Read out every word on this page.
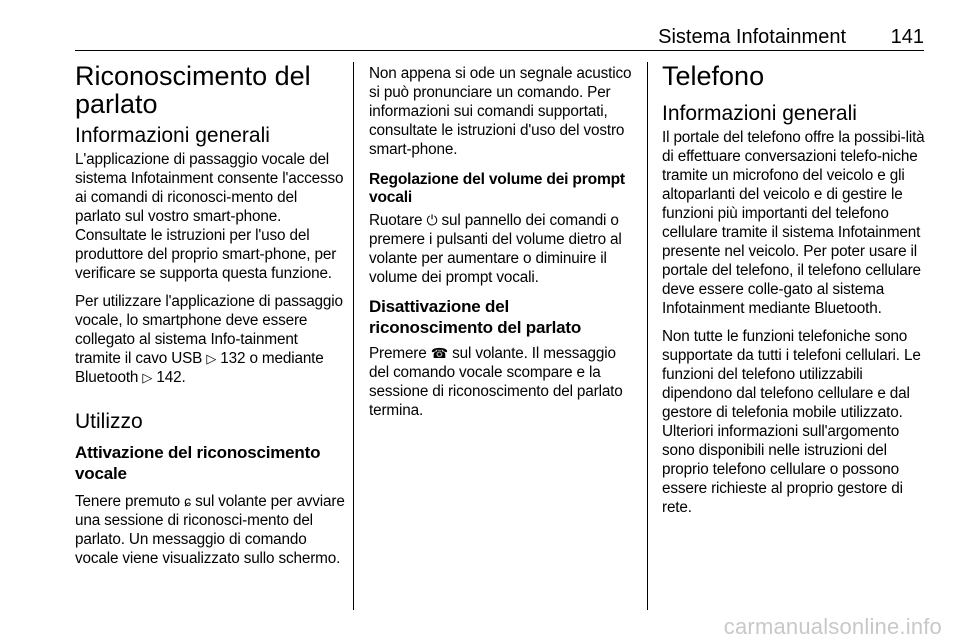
Sistema Infotainment 141
Riconoscimento del parlato
Informazioni generali

L'applicazione di passaggio vocale del sistema Infotainment consente l'accesso ai comandi di riconosci-mento del parlato sul vostro smart-phone. Consultate le istruzioni per l'uso del produttore del proprio smart-phone, per verificare se supporta questa funzione.

Per utilizzare l'applicazione di passaggio vocale, lo smartphone deve essere collegato al sistema Info-tainment tramite il cavo USB ▷ 132 o mediante Bluetooth ▷ 142.

Utilizzo
Attivazione del riconoscimento vocale

Tenere premuto ɕ sul volante per avviare una sessione di riconosci-mento del parlato. Un messaggio di comando vocale viene visualizzato sullo schermo.

Non appena si ode un segnale acustico si può pronunciare un comando. Per informazioni sui comandi supportati, consultate le istruzioni d'uso del vostro smart-phone.

Regolazione del volume dei prompt vocali

Ruotare ⏻ sul pannello dei comandi o premere i pulsanti del volume dietro al volante per aumentare o diminuire il volume dei prompt vocali.

Disattivazione del riconoscimento del parlato

Premere ☎ sul volante. Il messaggio del comando vocale scompare e la sessione di riconoscimento del parlato termina.

Telefono
Informazioni generali

Il portale del telefono offre la possibi-lità di effettuare conversazioni telefo-niche tramite un microfono del veicolo e gli altoparlanti del veicolo e di gestire le funzioni più importanti del telefono cellulare tramite il sistema Infotainment presente nel veicolo. Per poter usare il portale del telefono, il telefono cellulare deve essere colle-gato al sistema Infotainment mediante Bluetooth.

Non tutte le funzioni telefoniche sono supportate da tutti i telefoni cellulari. Le funzioni del telefono utilizzabili dipendono dal telefono cellulare e dal gestore di telefonia mobile utilizzato. Ulteriori informazioni sull'argomento sono disponibili nelle istruzioni del proprio telefono cellulare o possono essere richieste al proprio gestore di rete.

carmanualsonline.info
